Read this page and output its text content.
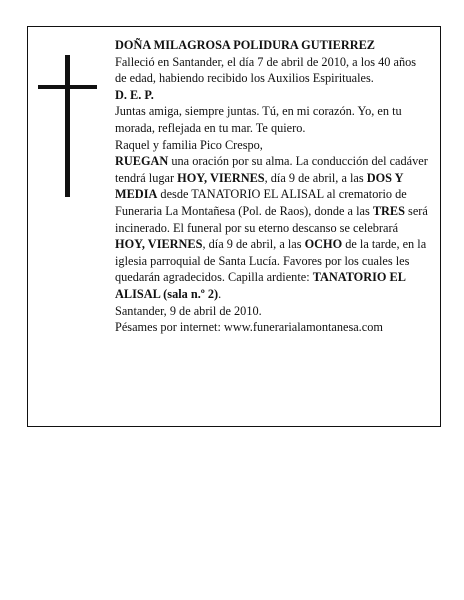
DOÑA MILAGROSA POLIDURA GUTIERREZ

Falleció en Santander, el día 7 de abril de 2010, a los 40 años de edad, habiendo recibido los Auxilios Espirituales.

D. E. P.

Juntas amiga, siempre juntas. Tú, en mi corazón. Yo, en tu morada, reflejada en tu mar. Te quiero.

Raquel y familia Pico Crespo,

RUEGAN una oración por su alma. La conducción del cadáver tendrá lugar HOY, VIERNES, día 9 de abril, a las DOS Y MEDIA desde TANATORIO EL ALISAL al crematorio de Funeraria La Montañesa (Pol. de Raos), donde a las TRES será incinerado. El funeral por su eterno descanso se celebrará HOY, VIERNES, día 9 de abril, a las OCHO de la tarde, en la iglesia parroquial de Santa Lucía. Favores por los cuales les quedarán agradecidos. Capilla ardiente: TANATORIO EL ALISAL (sala n.º 2).

Santander, 9 de abril de 2010.

Pésames por internet: www.funerarialamontanesa.com
